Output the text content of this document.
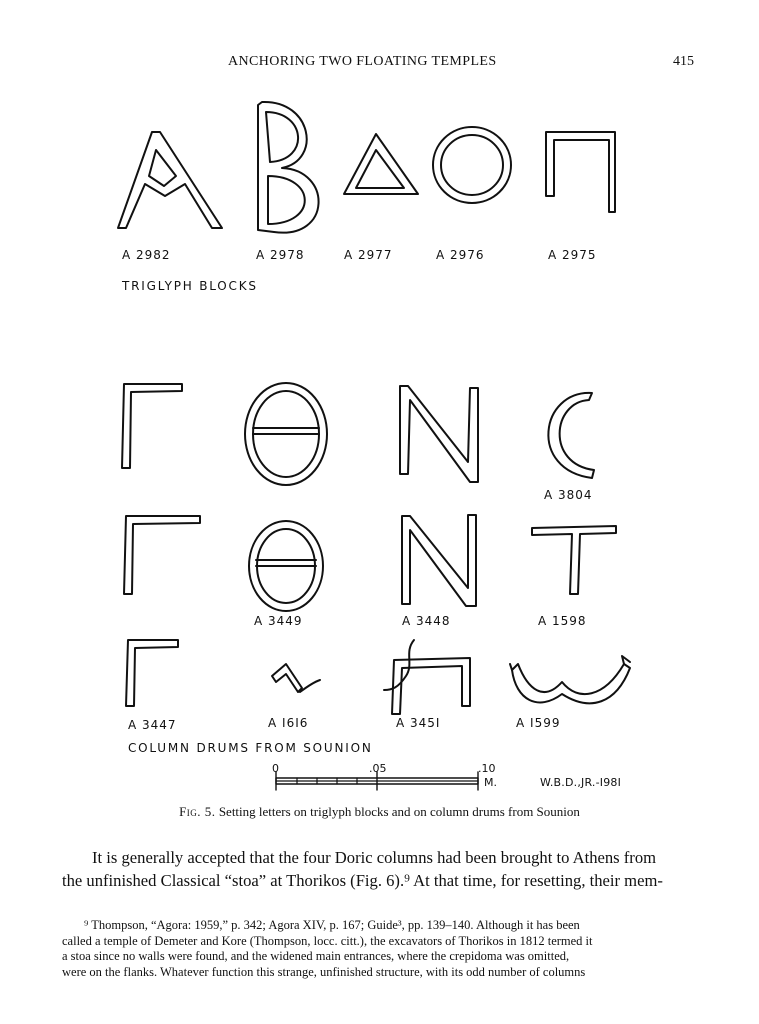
ANCHORING TWO FLOATING TEMPLES	415
A 2982	A 2978	A 2977	A 2976	A 2975
TRIGLYPH BLOCKS
A 3804
A 3449	A 3448	A 1598
A 3447	A I6I6	A 345I	A I599
COLUMN DRUMS FROM SOUNION
0	.05	.10
M.	W.B.D.,JR.-I98I
Fig. 5. Setting letters on triglyph blocks and on column drums from Sounion
It is generally accepted that the four Doric columns had been brought to Athens from
the unfinished Classical “stoa” at Thorikos (Fig. 6).⁹ At that time, for resetting, their mem-
⁹ Thompson, “Agora: 1959,” p. 342; Agora XIV, p. 167; Guide³, pp. 139–140. Although it has been
called a temple of Demeter and Kore (Thompson, locc. citt.), the excavators of Thorikos in 1812 termed it
a stoa since no walls were found, and the widened main entrances, where the crepidoma was omitted,
were on the flanks. Whatever function this strange, unfinished structure, with its odd number of columns
